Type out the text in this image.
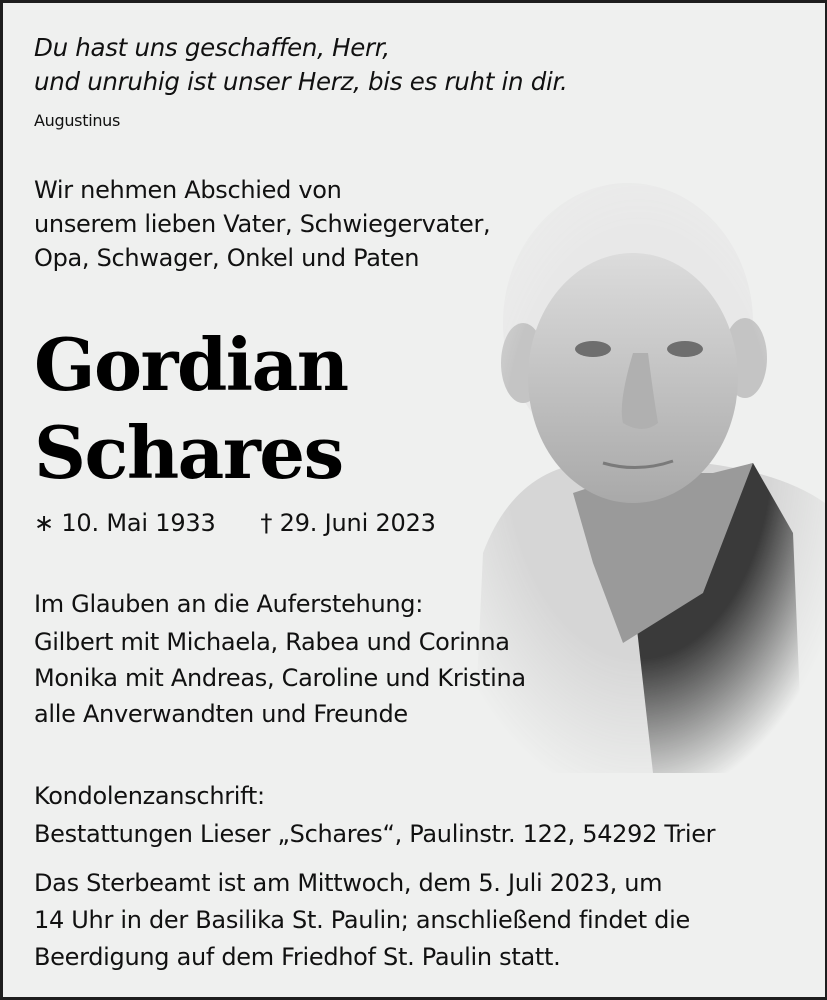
Du hast uns geschaffen, Herr,
und unruhig ist unser Herz, bis es ruht in dir.
Augustinus
Wir nehmen Abschied von
unserem lieben Vater, Schwiegervater,
Opa, Schwager, Onkel und Paten
Gordian
Schares
∗ 10. Mai 1933 † 29. Juni 2023
Im Glauben an die Auferstehung:
Gilbert mit Michaela, Rabea und Corinna
Monika mit Andreas, Caroline und Kristina
alle Anverwandten und Freunde
Kondolenzanschrift:
Bestattungen Lieser „Schares“, Paulinstr. 122, 54292 Trier
Das Sterbeamt ist am Mittwoch, dem 5. Juli 2023, um
14 Uhr in der Basilika St. Paulin; anschließend findet die
Beerdigung auf dem Friedhof St. Paulin statt.
